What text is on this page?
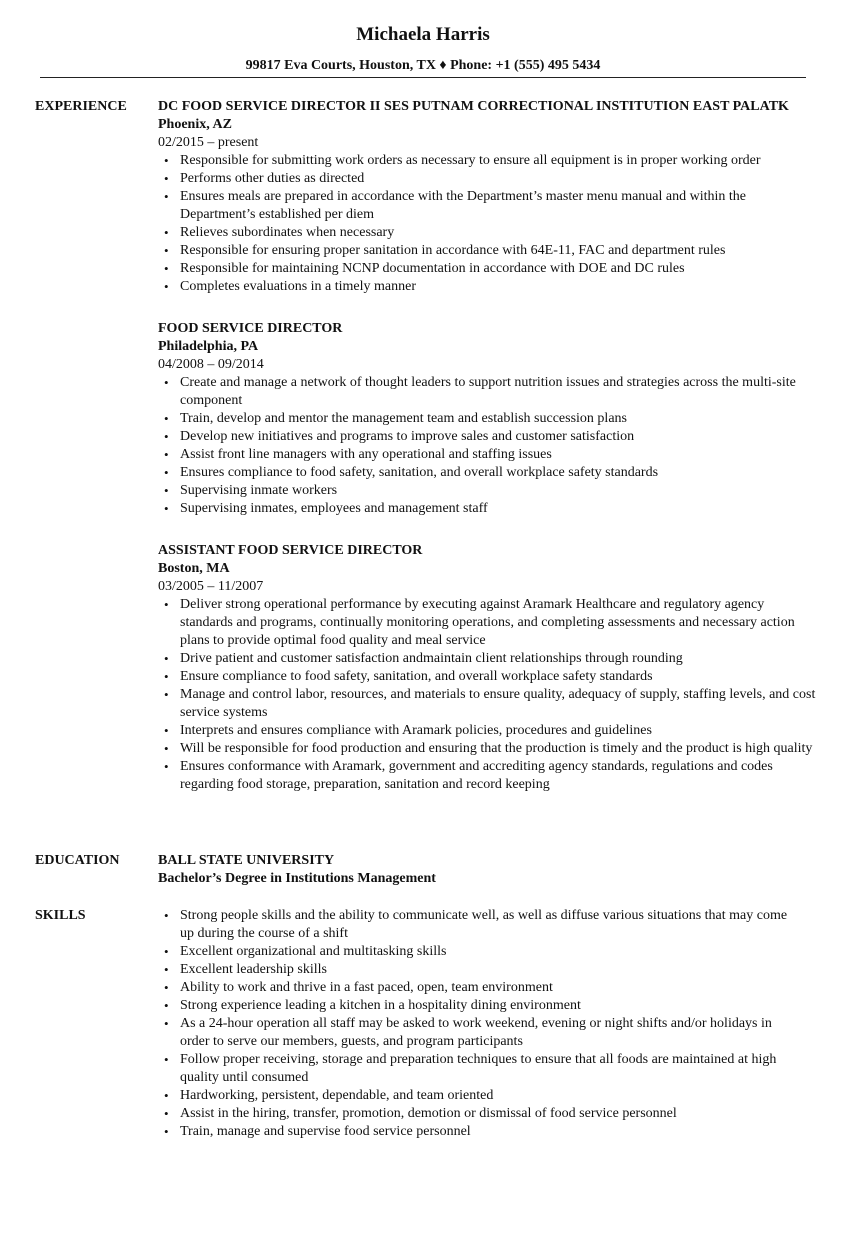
Michaela Harris
99817 Eva Courts, Houston, TX ♦ Phone: +1 (555) 495 5434
EXPERIENCE DC FOOD SERVICE DIRECTOR II SES PUTNAM CORRECTIONAL INSTITUTION EAST PALATK
Phoenix, AZ
02/2015 – present
• Responsible for submitting work orders as necessary to ensure all equipment is in proper working order
• Performs other duties as directed
• Ensures meals are prepared in accordance with the Department’s master menu manual and within the Department’s established per diem
• Relieves subordinates when necessary
• Responsible for ensuring proper sanitation in accordance with 64E-11, FAC and department rules
• Responsible for maintaining NCNP documentation in accordance with DOE and DC rules
• Completes evaluations in a timely manner
FOOD SERVICE DIRECTOR
Philadelphia, PA
04/2008 – 09/2014
• Create and manage a network of thought leaders to support nutrition issues and strategies across the multi-site component
• Train, develop and mentor the management team and establish succession plans
• Develop new initiatives and programs to improve sales and customer satisfaction
• Assist front line managers with any operational and staffing issues
• Ensures compliance to food safety, sanitation, and overall workplace safety standards
• Supervising inmate workers
• Supervising inmates, employees and management staff
ASSISTANT FOOD SERVICE DIRECTOR
Boston, MA
03/2005 – 11/2007
• Deliver strong operational performance by executing against Aramark Healthcare and regulatory agency standards and programs, continually monitoring operations, and completing assessments and necessary action plans to provide optimal food quality and meal service
• Drive patient and customer satisfaction andmaintain client relationships through rounding
• Ensure compliance to food safety, sanitation, and overall workplace safety standards
• Manage and control labor, resources, and materials to ensure quality, adequacy of supply, staffing levels, and cost service systems
• Interprets and ensures compliance with Aramark policies, procedures and guidelines
• Will be responsible for food production and ensuring that the production is timely and the product is high quality
• Ensures conformance with Aramark, government and accrediting agency standards, regulations and codes regarding food storage, preparation, sanitation and record keeping
EDUCATION	BALL STATE UNIVERSITY
Bachelor’s Degree in Institutions Management
SKILLS
•	Strong people skills and the ability to communicate well, as well as diffuse various situations that may come up during the course of a shift
• Excellent organizational and multitasking skills
• Excellent leadership skills
• Ability to work and thrive in a fast paced, open, team environment
• Strong experience leading a kitchen in a hospitality dining environment
• As a 24-hour operation all staff may be asked to work weekend, evening or night shifts and/or holidays in order to serve our members, guests, and program participants
• Follow proper receiving, storage and preparation techniques to ensure that all foods are maintained at high quality until consumed
• Hardworking, persistent, dependable, and team oriented
• Assist in the hiring, transfer, promotion, demotion or dismissal of food service personnel
• Train, manage and supervise food service personnel
